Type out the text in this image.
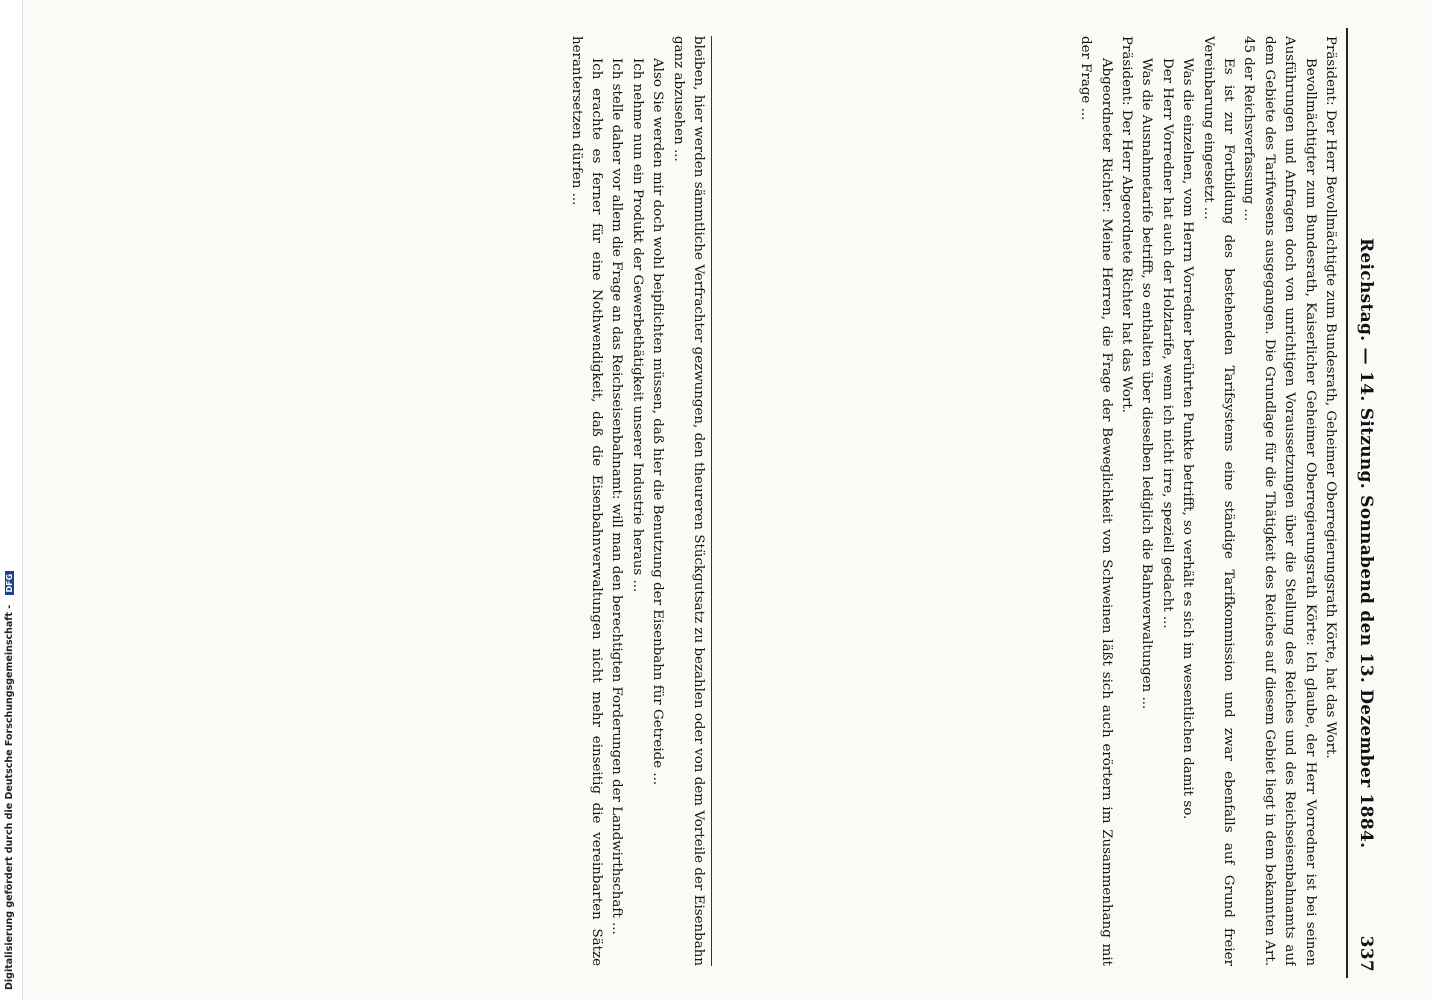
Digitalisierung gefördert durch die Deutsche Forschungsgemeinschaft - DFG	Reichstag. — 14. Sitzung. Sonnabend den 13. Dezember 1884.
337

Präsident: Der Herr Bevollmächtigte zum Bundesrath, Geheimer Oberregierungsrath Körte, hat das Wort.

Bevollmächtigter zum Bundesrath, Kaiserlicher Geheimer Oberregierungsrath Körte: Ich glaube, der Herr Vorredner ist bei seinen Ausführungen und Anfragen doch von unrichtigen Voraussetzungen über die Stellung des Reiches und des Reichseisenbahnamts auf dem Gebiete des Tarifwesens ausgegangen. Die Grundlage für die Thätigkeit des Reiches auf diesem Gebiet liegt in dem bekannten Art. 45 der Reichsverfassung ...

Es ist zur Fortbildung des bestehenden Tarifsystems eine ständige Tarifkommission und zwar ebenfalls auf Grund freier Vereinbarung eingesetzt ...

Was die einzelnen, vom Herrn Vorredner berührten Punkte betrifft, so verhält es sich im wesentlichen damit so.

Der Herr Vorredner hat auch der Holztarife, wenn ich nicht irre, speziell gedacht ...

Was die Ausnahmetarife betrifft, so enthalten über dieselben lediglich die Bahnverwaltungen ...

Präsident: Der Herr Abgeordnete Richter hat das Wort.

Abgeordneter Richter: Meine Herren, die Frage der Beweglichkeit von Schweinen läßt sich auch erörtern im Zusammenhang mit der Frage ...

bleiben, hier werden sämmtliche Verfrachter gezwungen, den theureren Stückgutsatz zu bezahlen oder von dem Vorteile der Eisenbahn ganz abzusehen ...

Also Sie werden mir doch wohl beipflichten müssen, daß hier die Benutzung der Eisenbahn für Getreide ...

Ich nehme nun ein Produkt der Gewerbethätigkeit unserer Industrie heraus ...

Ich stelle daher vor allem die Frage an das Reichseisenbahnamt: will man den berechtigten Forderungen der Landwirthschaft ...

Ich erachte es ferner für eine Nothwendigkeit, daß die Eisenbahnverwaltungen nicht mehr einseitig die vereinbarten Sätze herantersetzen dürfen ...
